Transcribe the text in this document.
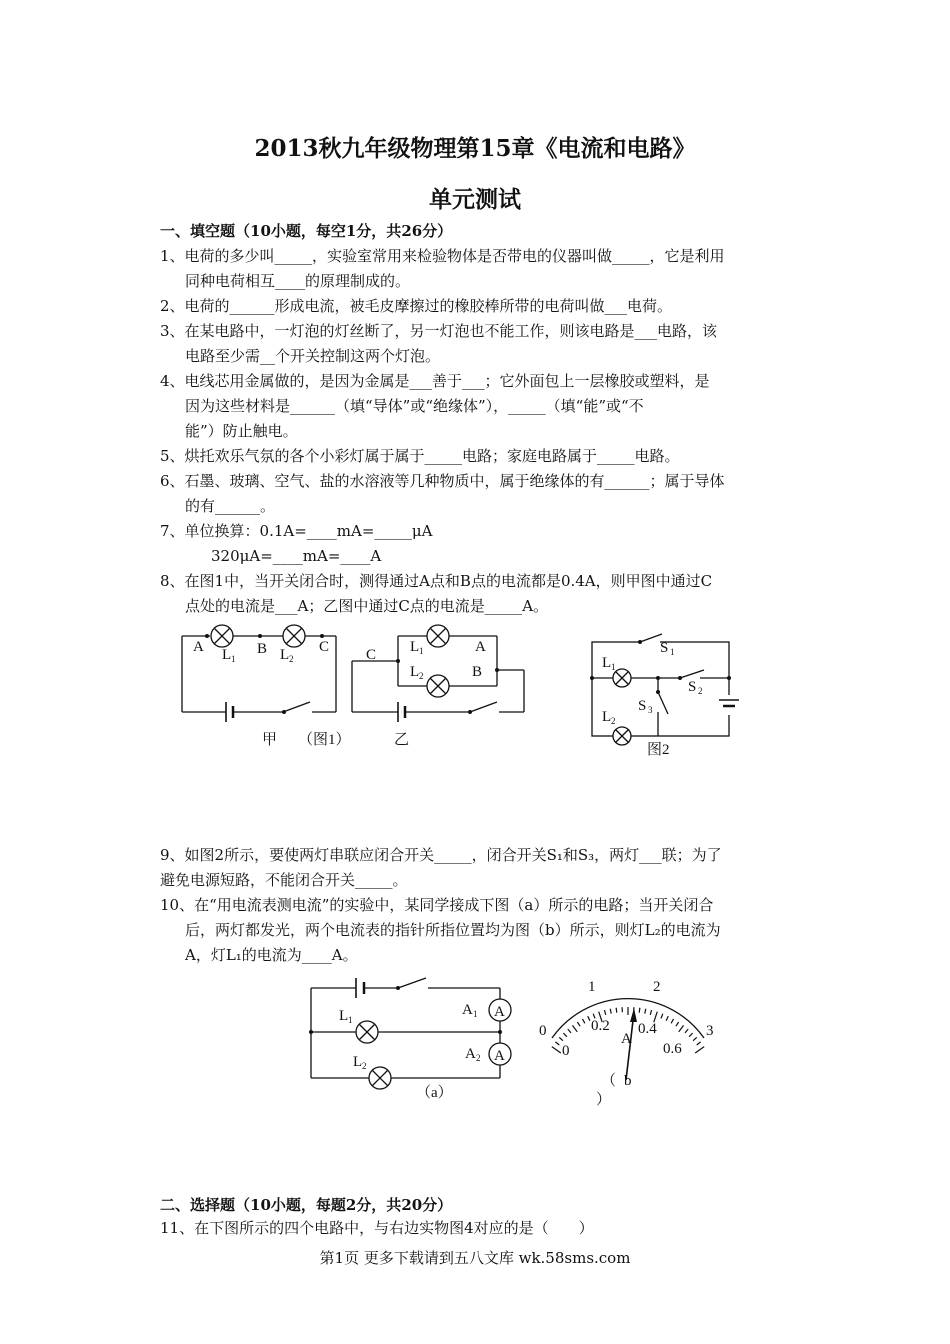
2013秋九年级物理第15章《电流和电路》
单元测试
一、填空题（10小题，每空1分，共26分）
1、电荷的多少叫_____，实验室常用来检验物体是否带电的仪器叫做_____，它是利用
同种电荷相互____的原理制成的。
2、电荷的______形成电流，被毛皮摩擦过的橡胶棒所带的电荷叫做___电荷。
3、在某电路中，一灯泡的灯丝断了，另一灯泡也不能工作，则该电路是___电路，该
电路至少需__个开关控制这两个灯泡。
4、电线芯用金属做的，是因为金属是___善于___；它外面包上一层橡胶或塑料，是
因为这些材料是______（填“导体”或“绝缘体”），_____（填“能”或“不
能”）防止触电。
5、烘托欢乐气氛的各个小彩灯属于属于_____电路；家庭电路属于_____电路。
6、石墨、玻璃、空气、盐的水溶液等几种物质中，属于绝缘体的有______；属于导体
的有______。
7、单位换算：0.1A=____mA=_____μA
320μA=____mA=____A
8、在图1中，当开关闭合时，测得通过A点和B点的电流都是0.4A，则甲图中通过C
点处的电流是___A；乙图中通过C点的电流是_____A。
A L 1
B L 2
C
甲 （图1）
C L 1	A
L 2	B
乙
S 1
L 1
S 2
S 3
L 2
图2
9、如图2所示，要使两灯串联应闭合开关_____，闭合开关S₁和S₃，两灯___联；为了
避免电源短路，不能闭合开关_____。
10、在“用电流表测电流”的实验中，某同学接成下图（a）所示的电路；当开关闭合
后，两灯都发光，两个电流表的指针所指位置均为图（b）所示，则灯L₂的电流为
A，灯L₁的电流为____A。
L 1
L 2
A 1 A
A 2 A
（a）
0
1	2
3
0
0.2 0.4
0.6
A
（ b
）
二、选择题（10小题，每题2分，共20分）
11、在下图所示的四个电路中，与右边实物图4对应的是（　　）
第1页 更多下载请到五八文库 wk.58sms.com
